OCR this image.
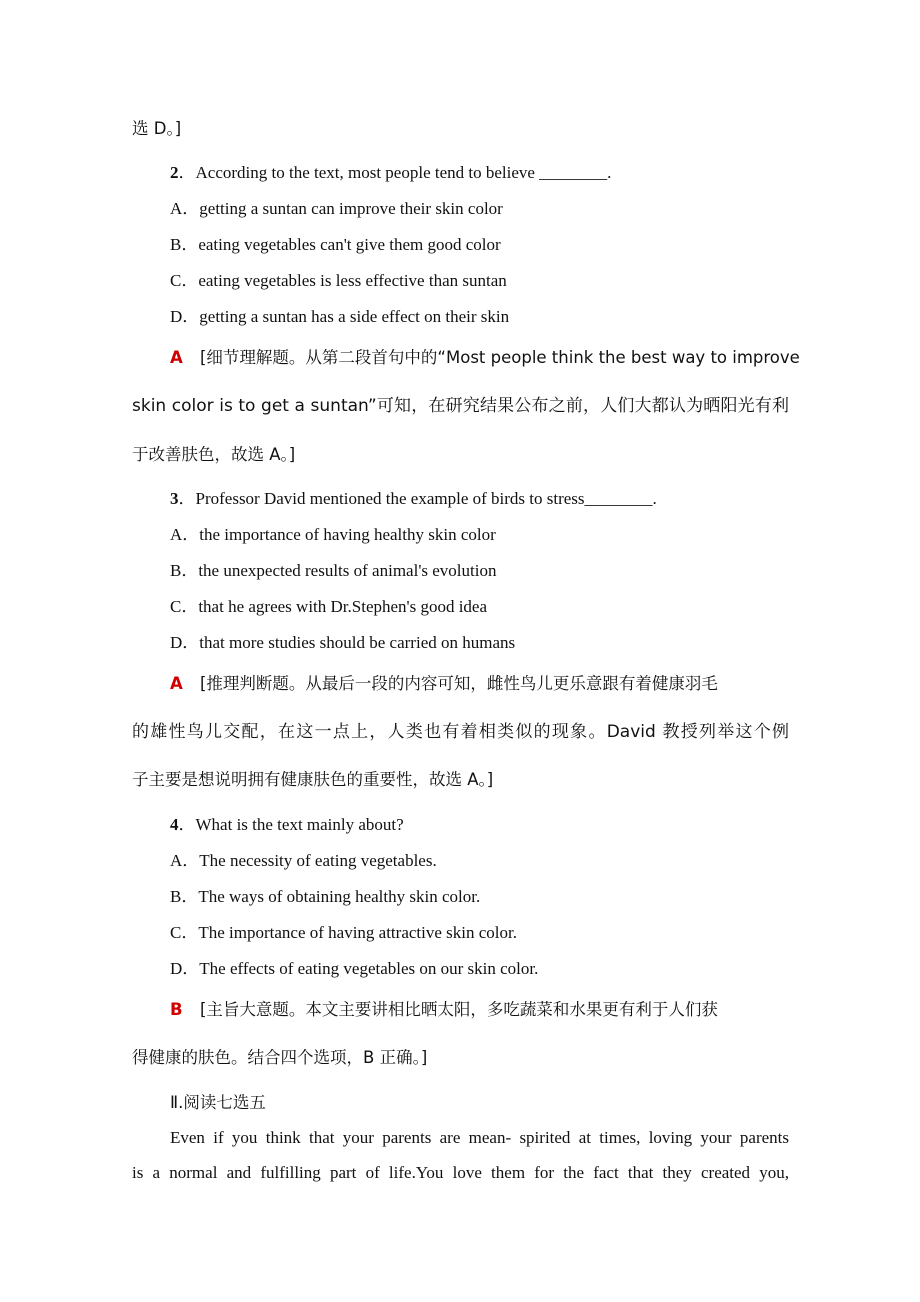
选 D。]
2．According to the text, most people tend to believe ________.
A．getting a suntan can improve their skin color
B．eating vegetables can't give them good color
C．eating vegetables is less effective than suntan
D．getting a suntan has a side effect on their skin
A [细节理解题。从第二段首句中的“Most people think the best way to improve
skin color is to get a suntan”可知，在研究结果公布之前，人们大都认为晒阳光有利
于改善肤色，故选 A。]
3．Professor David mentioned the example of birds to stress________.
A．the importance of having healthy skin color
B．the unexpected results of animal's evolution
C．that he agrees with Dr.Stephen's good idea
D．that more studies should be carried on humans
A [推理判断题。从最后一段的内容可知，雌性鸟儿更乐意跟有着健康羽毛
的雄性鸟儿交配，在这一点上，人类也有着相类似的现象。David 教授列举这个例
子主要是想说明拥有健康肤色的重要性，故选 A。]
4．What is the text mainly about?
A．The necessity of eating vegetables.
B．The ways of obtaining healthy skin color.
C．The importance of having attractive skin color.
D．The effects of eating vegetables on our skin color.
B [主旨大意题。本文主要讲相比晒太阳，多吃蔬菜和水果更有利于人们获
得健康的肤色。结合四个选项，B 正确。]
Ⅱ.阅读七选五
Even if you think that your parents are mean- spirited at times, loving your parents
is a normal and fulfilling part of life.You love them for the fact that they created you,
